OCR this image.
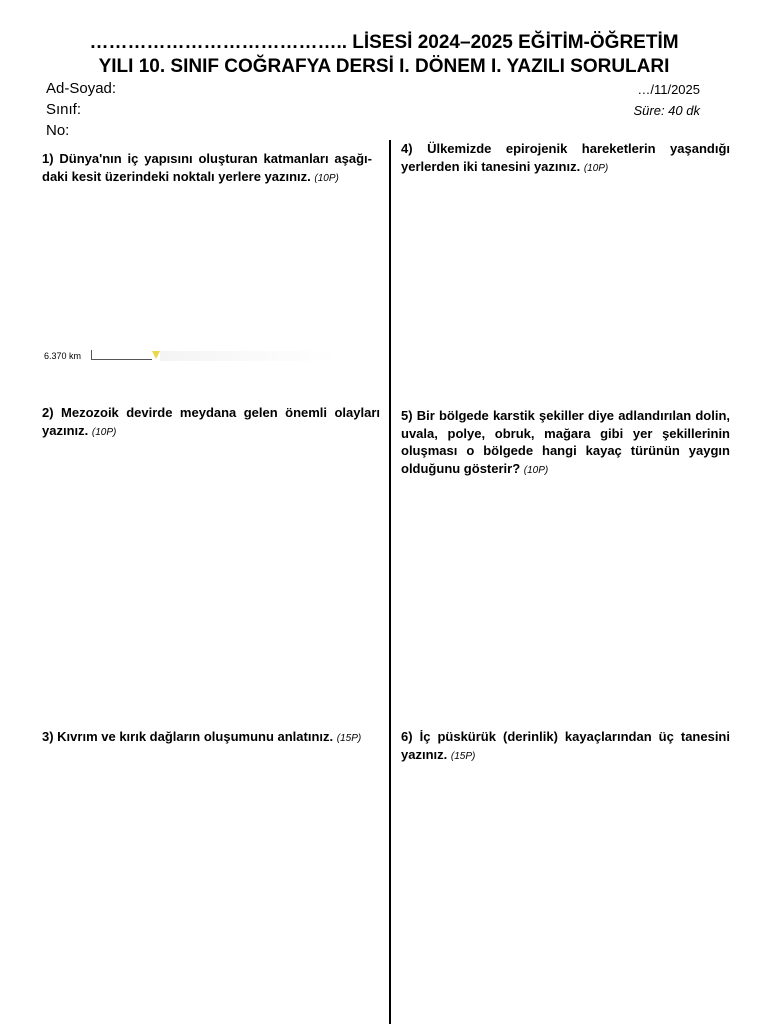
………………………………….. LİSESİ 2024–2025 EĞİTİM-ÖĞRETİM
YILI 10. SINIF COĞRAFYA DERSİ I. DÖNEM I. YAZILI SORULARI
Ad-Soyad:
Sınıf:
No:
…/11/2025
Süre: 40 dk
1) Dünya'nın iç yapısını oluşturan katmanları aşağı-daki kesit üzerindeki noktalı yerlere yazınız. (10P)
6.370 km
2) Mezozoik devirde meydana gelen önemli olayları yazınız. (10P)
3) Kıvrım ve kırık dağların oluşumunu anlatınız. (15P)
4) Ülkemizde epirojenik hareketlerin yaşandığı yerlerden iki tanesini yazınız. (10P)
5) Bir bölgede karstik şekiller diye adlandırılan dolin, uvala, polye, obruk, mağara gibi yer şekillerinin oluşması o bölgede hangi kayaç türünün yaygın olduğunu gösterir? (10P)
6) İç püskürük (derinlik) kayaçlarından üç tanesini yazınız. (15P)
